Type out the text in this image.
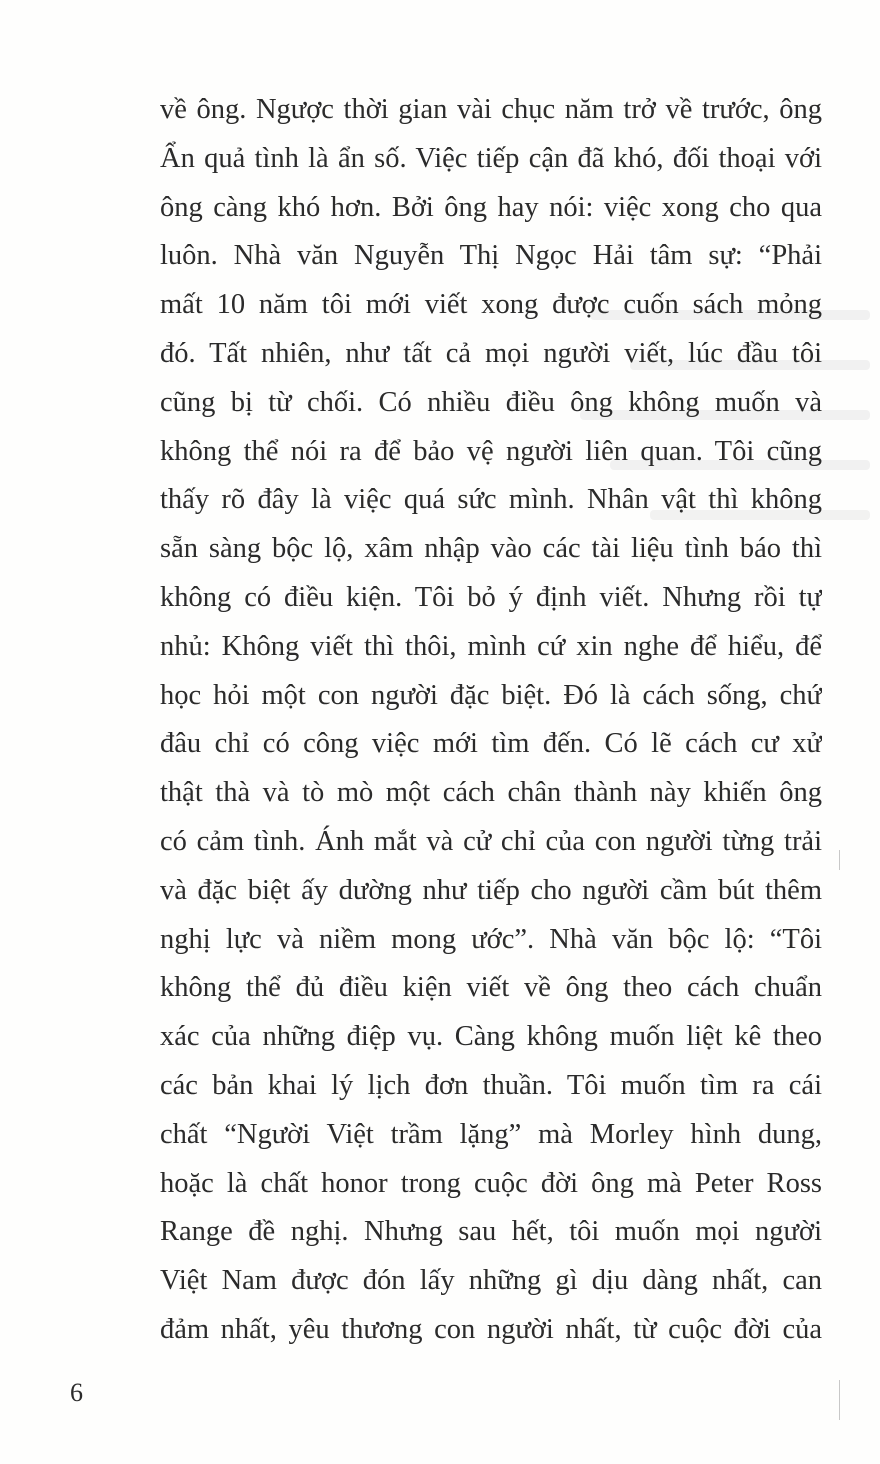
về ông. Ngược thời gian vài chục năm trở về trước, ông
Ẩn quả tình là ẩn số. Việc tiếp cận đã khó, đối thoại với
ông càng khó hơn. Bởi ông hay nói: việc xong cho qua
luôn. Nhà văn Nguyễn Thị Ngọc Hải tâm sự: “Phải
mất 10 năm tôi mới viết xong được cuốn sách mỏng
đó. Tất nhiên, như tất cả mọi người viết, lúc đầu tôi
cũng bị từ chối. Có nhiều điều ông không muốn và
không thể nói ra để bảo vệ người liên quan. Tôi cũng
thấy rõ đây là việc quá sức mình. Nhân vật thì không
sẵn sàng bộc lộ, xâm nhập vào các tài liệu tình báo thì
không có điều kiện. Tôi bỏ ý định viết. Nhưng rồi tự
nhủ: Không viết thì thôi, mình cứ xin nghe để hiểu, để
học hỏi một con người đặc biệt. Đó là cách sống, chứ
đâu chỉ có công việc mới tìm đến. Có lẽ cách cư xử
thật thà và tò mò một cách chân thành này khiến ông
có cảm tình. Ánh mắt và cử chỉ của con người từng trải
và đặc biệt ấy dường như tiếp cho người cầm bút thêm
nghị lực và niềm mong ước”. Nhà văn bộc lộ: “Tôi
không thể đủ điều kiện viết về ông theo cách chuẩn
xác của những điệp vụ. Càng không muốn liệt kê theo
các bản khai lý lịch đơn thuần. Tôi muốn tìm ra cái
chất “Người Việt trầm lặng” mà Morley hình dung,
hoặc là chất honor trong cuộc đời ông mà Peter Ross
Range đề nghị. Nhưng sau hết, tôi muốn mọi người
Việt Nam được đón lấy những gì dịu dàng nhất, can
đảm nhất, yêu thương con người nhất, từ cuộc đời của
6
